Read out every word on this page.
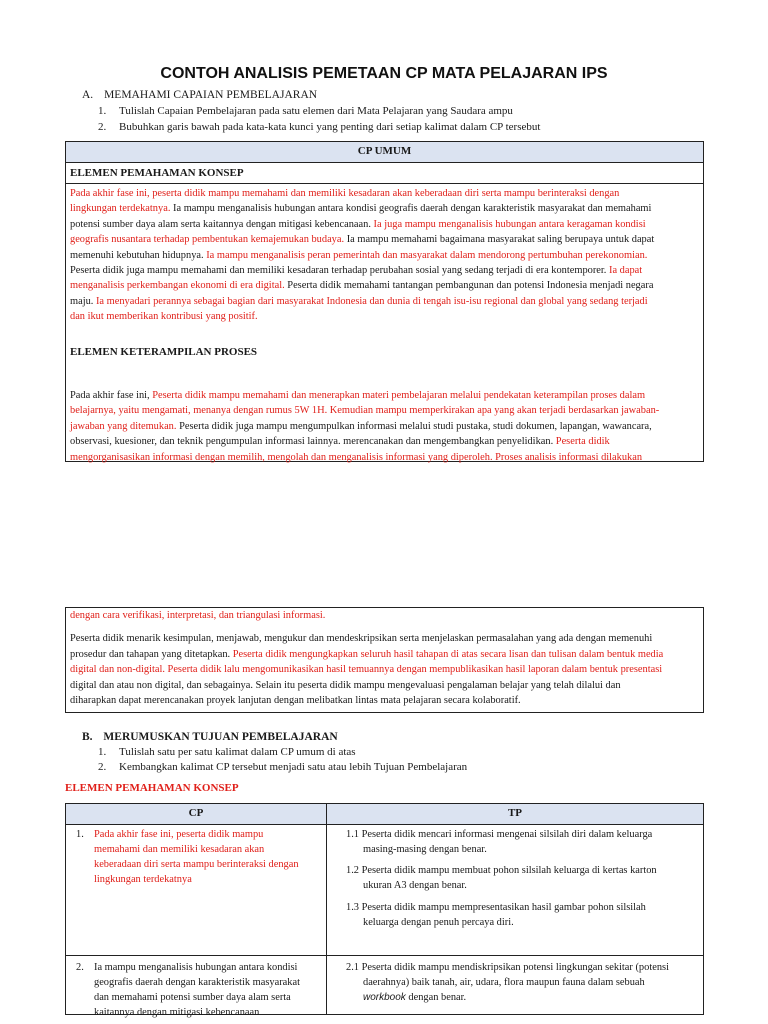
CONTOH ANALISIS PEMETAAN CP MATA PELAJARAN IPS
A. MEMAHAMI CAPAIAN PEMBELAJARAN
1. Tulislah Capaian Pembelajaran pada satu elemen dari Mata Pelajaran yang Saudara ampu
2. Bubuhkan garis bawah pada kata-kata kunci yang penting dari setiap kalimat dalam CP tersebut
CP UMUM
ELEMEN PEMAHAMAN KONSEP
Pada akhir fase ini, peserta didik mampu memahami dan memiliki kesadaran akan keberadaan diri serta mampu berinteraksi dengan
lingkungan terdekatnya. Ia mampu menganalisis hubungan antara kondisi geografis daerah dengan karakteristik masyarakat dan memahami
potensi sumber daya alam serta kaitannya dengan mitigasi kebencanaan. Ia juga mampu menganalisis hubungan antara keragaman kondisi
geografis nusantara terhadap pembentukan kemajemukan budaya. Ia mampu memahami bagaimana masyarakat saling berupaya untuk dapat
memenuhi kebutuhan hidupnya. Ia mampu menganalisis peran pemerintah dan masyarakat dalam mendorong pertumbuhan perekonomian.
Peserta didik juga mampu memahami dan memiliki kesadaran terhadap perubahan sosial yang sedang terjadi di era kontemporer. Ia dapat
menganalisis perkembangan ekonomi di era digital. Peserta didik memahami tantangan pembangunan dan potensi Indonesia menjadi negara
maju. Ia menyadari perannya sebagai bagian dari masyarakat Indonesia dan dunia di tengah isu-isu regional dan global yang sedang terjadi
dan ikut memberikan kontribusi yang positif.
ELEMEN KETERAMPILAN PROSES
Pada akhir fase ini, Peserta didik mampu memahami dan menerapkan materi pembelajaran melalui pendekatan keterampilan proses dalam
belajarnya, yaitu mengamati, menanya dengan rumus 5W 1H. Kemudian mampu memperkirakan apa yang akan terjadi berdasarkan jawaban-
jawaban yang ditemukan. Peserta didik juga mampu mengumpulkan informasi melalui studi pustaka, studi dokumen, lapangan, wawancara,
observasi, kuesioner, dan teknik pengumpulan informasi lainnya. merencanakan dan mengembangkan penyelidikan. Peserta didik
mengorganisasikan informasi dengan memilih, mengolah dan menganalisis informasi yang diperoleh. Proses analisis informasi dilakukan
dengan cara verifikasi, interpretasi, dan triangulasi informasi.
Peserta didik menarik kesimpulan, menjawab, mengukur dan mendeskripsikan serta menjelaskan permasalahan yang ada dengan memenuhi
prosedur dan tahapan yang ditetapkan. Peserta didik mengungkapkan seluruh hasil tahapan di atas secara lisan dan tulisan dalam bentuk media
digital dan non-digital. Peserta didik lalu mengomunikasikan hasil temuannya dengan mempublikasikan hasil laporan dalam bentuk presentasi
digital dan atau non digital, dan sebagainya. Selain itu peserta didik mampu mengevaluasi pengalaman belajar yang telah dilalui dan
diharapkan dapat merencanakan proyek lanjutan dengan melibatkan lintas mata pelajaran secara kolaboratif.
B. MERUMUSKAN TUJUAN PEMBELAJARAN
1. Tulislah satu per satu kalimat dalam CP umum di atas
2. Kembangkan kalimat CP tersebut menjadi satu atau lebih Tujuan Pembelajaran
ELEMEN PEMAHAMAN KONSEP
CP	TP
1. Pada akhir fase ini, peserta didik mampu
memahami dan memiliki kesadaran akan
keberadaan diri serta mampu berinteraksi dengan
lingkungan terdekatnya
1.1 Peserta didik mencari informasi mengenai silsilah diri dalam keluarga
masing-masing dengan benar.
1.2 Peserta didik mampu membuat pohon silsilah keluarga di kertas karton
ukuran A3 dengan benar.
1.3 Peserta didik mampu mempresentasikan hasil gambar pohon silsilah
keluarga dengan penuh percaya diri.
2. Ia mampu menganalisis hubungan antara kondisi
geografis daerah dengan karakteristik masyarakat
dan memahami potensi sumber daya alam serta
kaitannya dengan mitigasi kebencanaan
2.1 Peserta didik mampu mendiskripsikan potensi lingkungan sekitar (potensi
daerahnya) baik tanah, air, udara, flora maupun fauna dalam sebuah
workbook dengan benar.
